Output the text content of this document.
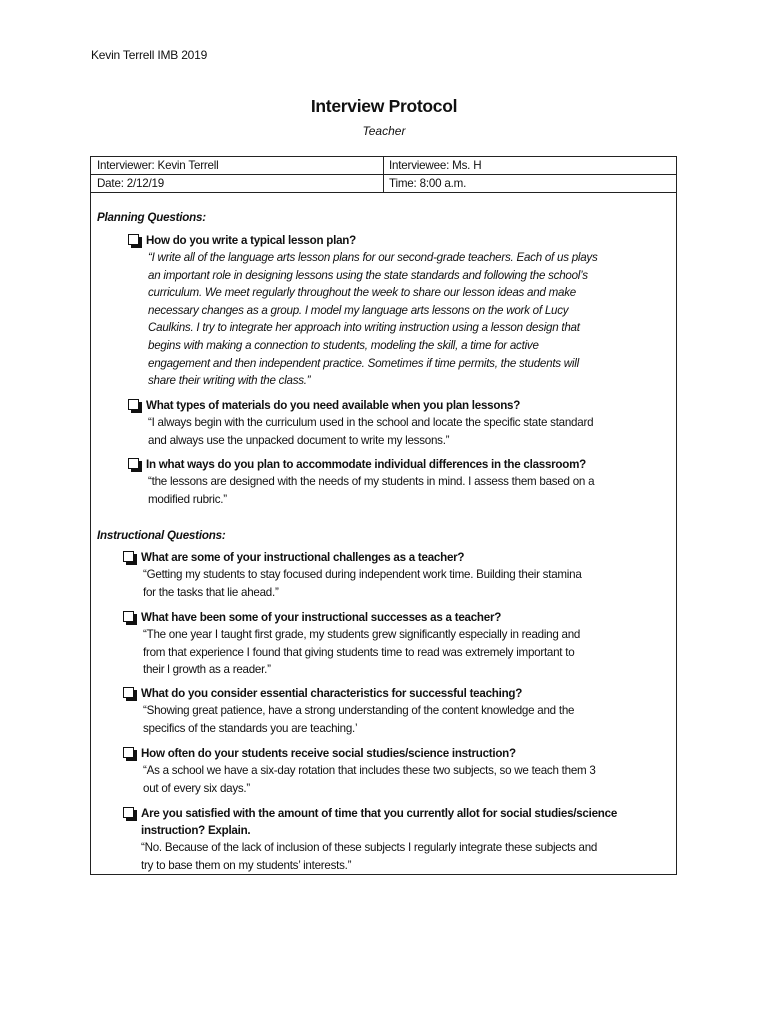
Kevin Terrell IMB 2019
Interview Protocol
Teacher
Interviewer: Kevin Terrell	Interviewee: Ms. H
Date: 2/12/19	Time: 8:00 a.m.
Planning Questions:
How do you write a typical lesson plan?
“I write all of the language arts lesson plans for our second-grade teachers. Each of us plays
an important role in designing lessons using the state standards and following the school’s
curriculum. We meet regularly throughout the week to share our lesson ideas and make
necessary changes as a group. I model my language arts lessons on the work of Lucy
Caulkins. I try to integrate her approach into writing instruction using a lesson design that
begins with making a connection to students, modeling the skill, a time for active
engagement and then independent practice. Sometimes if time permits, the students will
share their writing with the class.”
What types of materials do you need available when you plan lessons?
“I always begin with the curriculum used in the school and locate the specific state standard
and always use the unpacked document to write my lessons.”
In what ways do you plan to accommodate individual differences in the classroom?
“the lessons are designed with the needs of my students in mind. I assess them based on a
modified rubric.”
Instructional Questions:
What are some of your instructional challenges as a teacher?
“Getting my students to stay focused during independent work time. Building their stamina
for the tasks that lie ahead.”
What have been some of your instructional successes as a teacher?
“The one year I taught first grade, my students grew significantly especially in reading and
from that experience I found that giving students time to read was extremely important to
their l growth as a reader.”
What do you consider essential characteristics for successful teaching?
“Showing great patience, have a strong understanding of the content knowledge and the
specifics of the standards you are teaching.’
How often do your students receive social studies/science instruction?
“As a school we have a six-day rotation that includes these two subjects, so we teach them 3
out of every six days.”
Are you satisfied with the amount of time that you currently allot for social studies/science
instruction? Explain.
“No. Because of the lack of inclusion of these subjects I regularly integrate these subjects and
try to base them on my students’ interests.”
